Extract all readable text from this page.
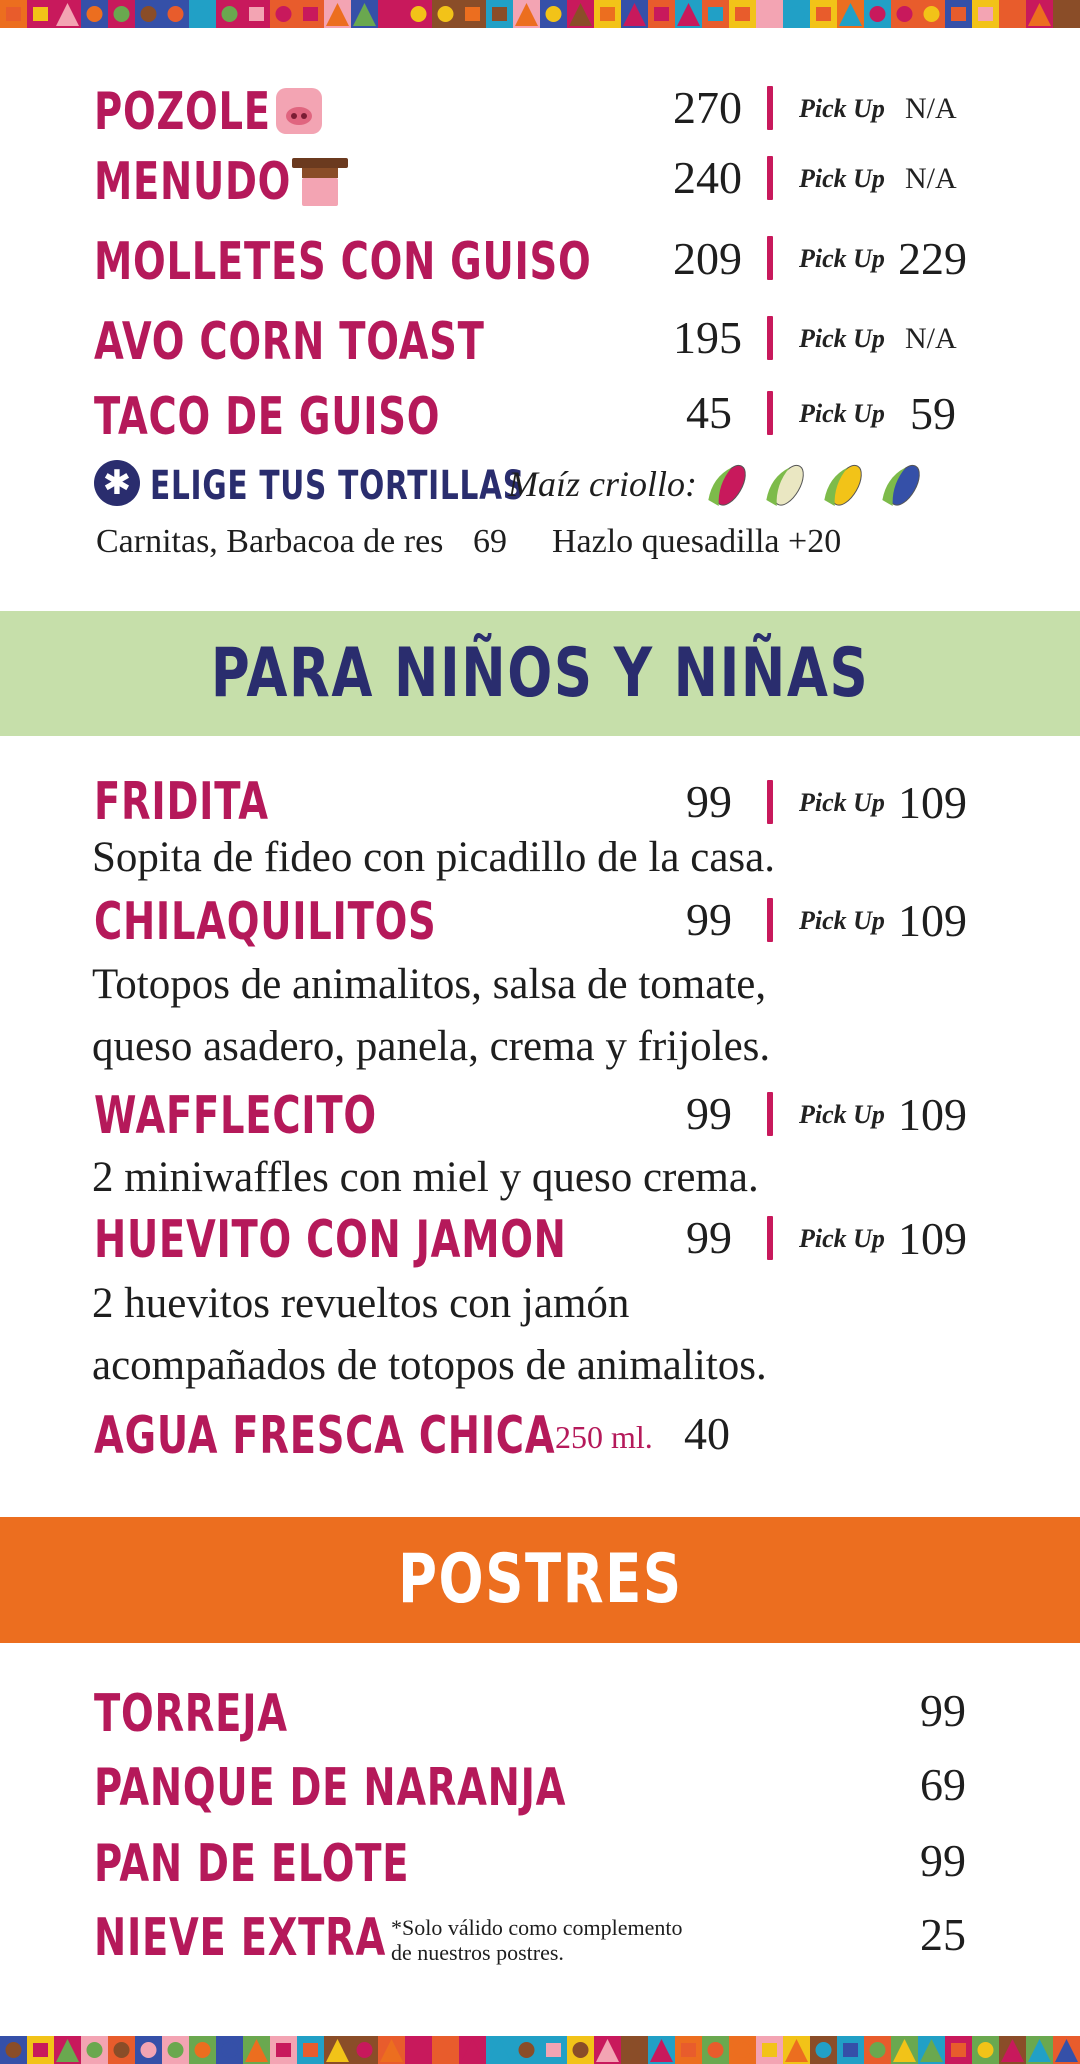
POZOLE	270 Pick Up N/A
MENUDO	240 Pick Up N/A
MOLLETES CON GUISO	209 Pick Up 229
AVO CORN TOAST	195 Pick Up N/A
TACO DE GUISO	45	Pick Up 59
✱ ELIGE TUS TORTILLAS
Maíz criollo:
Carnitas, Barbacoa de res 69 Hazlo quesadilla +20
PARA NIÑOS Y NIÑAS
FRIDITA	99	Pick Up 109
Sopita de fideo con picadillo de la casa.
CHILAQUILITOS	99	Pick Up 109
Totopos de animalitos, salsa de tomate,
queso asadero, panela, crema y frijoles.
WAFFLECITO	99	Pick Up 109
2 miniwaffles con miel y queso crema.
HUEVITO CON JAMON	99	Pick Up 109
2 huevitos revueltos con jamón
acompañados de totopos de animalitos.
AGUA FRESCA CHICA 250 ml. 40
POSTRES
TORREJA	99
PANQUE DE NARANJA	69
PAN DE ELOTE	99
NIEVE EXTRA *Solo válido como complemento
de nuestros postres.	25
